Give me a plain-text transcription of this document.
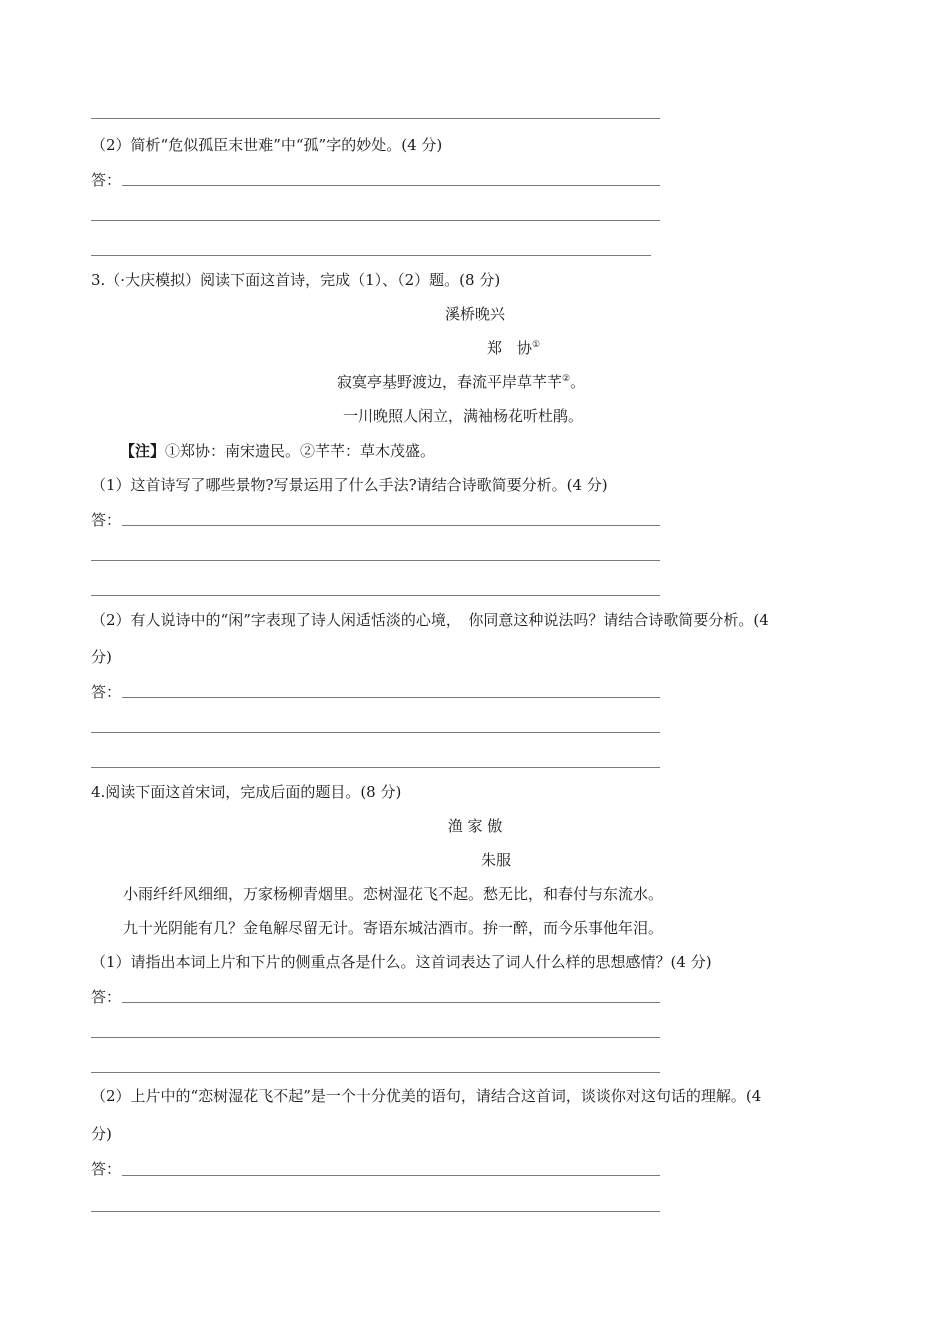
（2）简析“危似孤臣末世难”中“孤”字的妙处。(4 分)
答：
3.（·大庆模拟）阅读下面这首诗，完成（1）、（2）题。(8 分)
溪桥晚兴
郑　协①
寂寞亭基野渡边，春流平岸草芊芊②。
一川晚照人闲立，满袖杨花听杜鹃。
【注】①郑协：南宋遗民。②芊芊：草木茂盛。
（1）这首诗写了哪些景物?写景运用了什么手法?请结合诗歌简要分析。(4 分)
答：
（2）有人说诗中的“闲”字表现了诗人闲适恬淡的心境，　你同意这种说法吗？请结合诗歌简要分析。(4
分)
答：
4.阅读下面这首宋词，完成后面的题目。(8 分)
渔 家 傲
朱服
小雨纤纤风细细，万家杨柳青烟里。恋树湿花飞不起。愁无比，和春付与东流水。
九十光阴能有几？金龟解尽留无计。寄语东城沽酒市。拚一醉，而今乐事他年泪。
（1）请指出本词上片和下片的侧重点各是什么。这首词表达了词人什么样的思想感情？(4 分)
答：
（2）上片中的“恋树湿花飞不起”是一个十分优美的语句，请结合这首词，谈谈你对这句话的理解。(4
分)
答：
